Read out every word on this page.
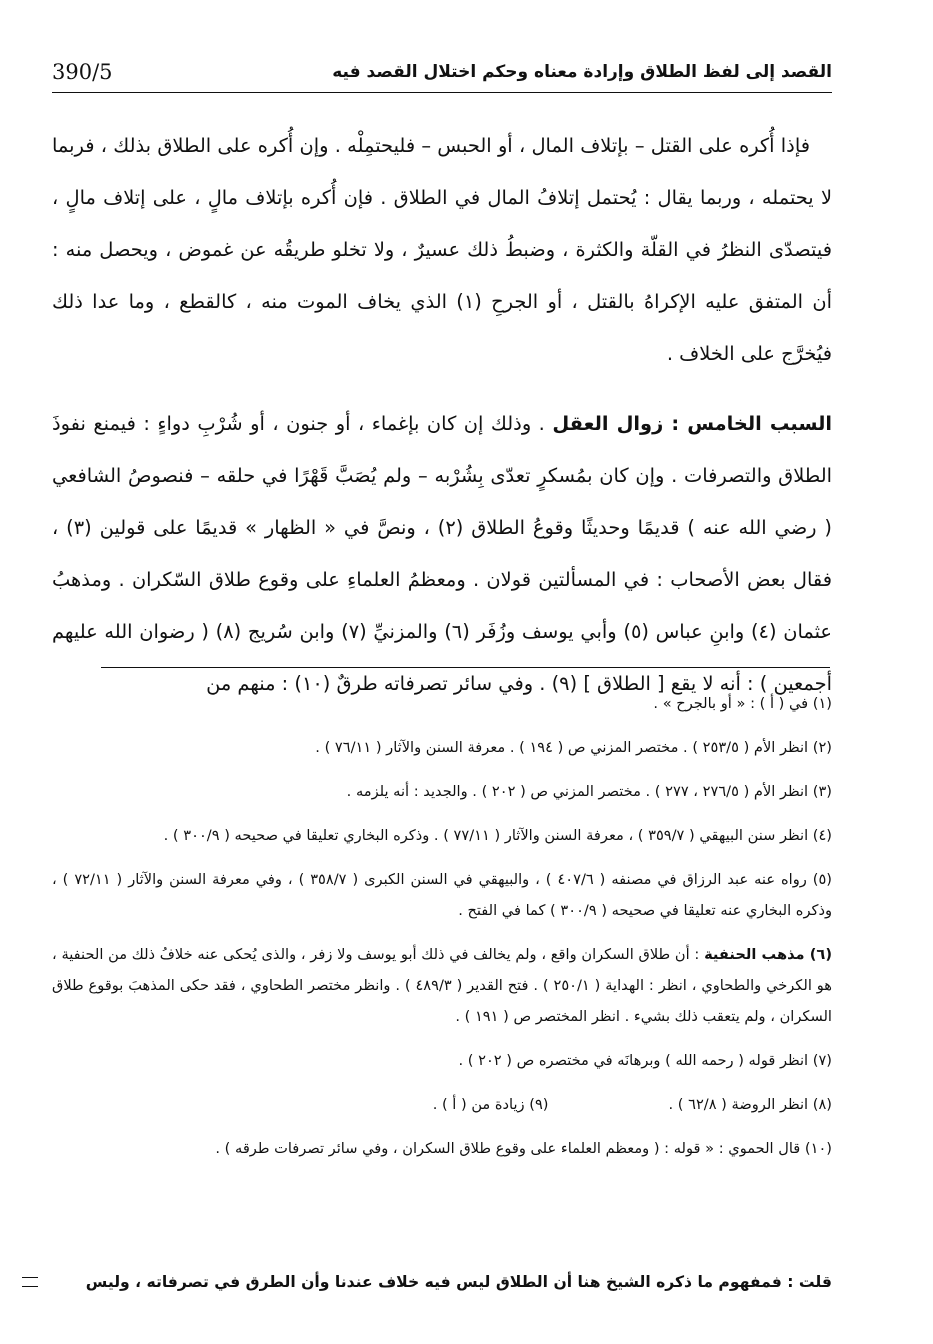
القصد إلى لفظ الطلاق وإرادة معناه وحكم اختلال القصد فيه
390/5

فإذا أُكره على القتل – بإتلاف المال ، أو الحبس – فليحتمِلْه . وإن أُكره على الطلاق بذلك ، فربما لا يحتمله ، وربما يقال : يُحتمل إتلافُ المال في الطلاق . فإن أُكره بإتلاف مالٍ ، على إتلاف مالٍ ، فيتصدّى النظرُ في القلّة والكثرة ، وضبطُ ذلك عسيرٌ ، ولا تخلو طريقُه عن غموض ، ويحصل منه : أن المتفق عليه الإكراهُ بالقتل ، أو الجرحِ (١) الذي يخاف الموت منه ، كالقطع ، وما عدا ذلك فيُخرَّج على الخلاف .

السبب الخامس : زوال العقل . وذلك إن كان بإغماء ، أو جنون ، أو شُرْبِ دواءٍ : فيمنع نفوذَ الطلاق والتصرفات . وإن كان بمُسكرٍ تعدّى بِشُرْبه – ولم يُصَبَّ قَهْرًا في حلقه – فنصوصُ الشافعي ( رضي الله عنه ) قديمًا وحديثًا وقوعُ الطلاق (٢) ، ونصَّ في « الظهار » قديمًا على قولين (٣) ، فقال بعض الأصحاب : في المسألتين قولان . ومعظمُ العلماءِ على وقوع طلاق السّكران . ومذهبُ عثمان (٤) وابنِ عباس (٥) وأبي يوسف وزُفَر (٦) والمزنيِّ (٧) وابن سُريج (٨) ( رضوان الله عليهم أجمعين ) : أنه لا يقع [ الطلاق ] (٩) . وفي سائر تصرفاته طرقٌ (١٠) : منهم من

(١) في ( أ ) : « أو بالجرح » .

(٢) انظر الأم ( ٢٥٣/٥ ) . مختصر المزني ص ( ١٩٤ ) . معرفة السنن والآثار ( ٧٦/١١ ) .

(٣) انظر الأم ( ٢٧٦/٥ ، ٢٧٧ ) . مختصر المزني ص ( ٢٠٢ ) . والجديد : أنه يلزمه .

(٤) انظر سنن البيهقي ( ٣٥٩/٧ ) ، معرفة السنن والآثار ( ٧٧/١١ ) . وذكره البخاري تعليقا في صحيحه ( ٣٠٠/٩ ) .

(٥) رواه عنه عبد الرزاق في مصنفه ( ٤٠٧/٦ ) ، والبيهقي في السنن الكبرى ( ٣٥٨/٧ ) ، وفي معرفة السنن والآثار ( ٧٢/١١ ) ، وذكره البخاري عنه تعليقا في صحيحه ( ٣٠٠/٩ ) كما في الفتح .

(٦) مذهب الحنفية : أن طلاق السكران واقع ، ولم يخالف في ذلك أبو يوسف ولا زفر ، والذى يُحكى عنه خلافُ ذلك من الحنفية ، هو الكرخي والطحاوي ، انظر : الهداية ( ٢٥٠/١ ) . فتح القدير ( ٤٨٩/٣ ) . وانظر مختصر الطحاوي ، فقد حكى المذهبَ بوقوع طلاق السكران ، ولم يتعقب ذلك بشيء . انظر المختصر ص ( ١٩١ ) .

(٧) انظر قوله ( رحمه الله ) وبرهانَه في مختصره ص ( ٢٠٢ ) .

(٨) انظر الروضة ( ٦٢/٨ ) .
(٩) زيادة من ( أ ) .

(١٠) قال الحموي : « قوله : ( ومعظم العلماء على وقوع طلاق السكران ، وفي سائر تصرفات طرقه ) .

قلت : فمفهوم ما ذكره الشيخ هنا أن الطلاق ليس فيه خلاف عندنا وأن الطرق في تصرفاته ، وليس
